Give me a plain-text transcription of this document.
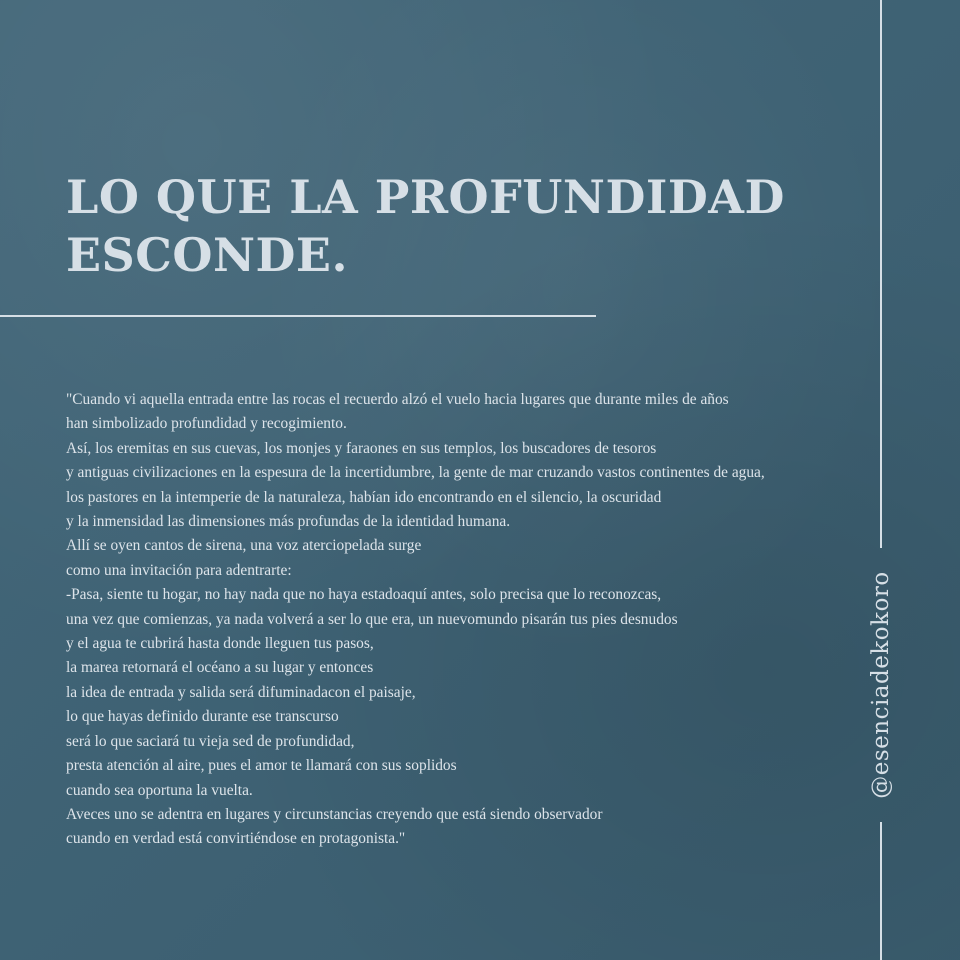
LO QUE LA PROFUNDIDAD
ESCONDE.
@esenciadekokoro
"Cuando vi aquella entrada entre las rocas el recuerdo alzó el vuelo hacia lugares que durante miles de años
han simbolizado profundidad y recogimiento.
Así, los eremitas en sus cuevas, los monjes y faraones en sus templos, los buscadores de tesoros
y antiguas civilizaciones en la espesura de la incertidumbre, la gente de mar cruzando vastos continentes de agua,
los pastores en la intemperie de la naturaleza, habían ido encontrando en el silencio, la oscuridad
y la inmensidad las dimensiones más profundas de la identidad humana.
Allí se oyen cantos de sirena, una voz aterciopelada surge
como una invitación para adentrarte:
-Pasa, siente tu hogar, no hay nada que no haya estadoaquí antes, solo precisa que lo reconozcas,
una vez que comienzas, ya nada volverá a ser lo que era, un nuevomundo pisarán tus pies desnudos
y el agua te cubrirá hasta donde lleguen tus pasos,
la marea retornará el océano a su lugar y entonces
la idea de entrada y salida será difuminadacon el paisaje,
lo que hayas definido durante ese transcurso
será lo que saciará tu vieja sed de profundidad,
presta atención al aire, pues el amor te llamará con sus soplidos
cuando sea oportuna la vuelta.
Aveces uno se adentra en lugares y circunstancias creyendo que está siendo observador
cuando en verdad está convirtiéndose en protagonista."
